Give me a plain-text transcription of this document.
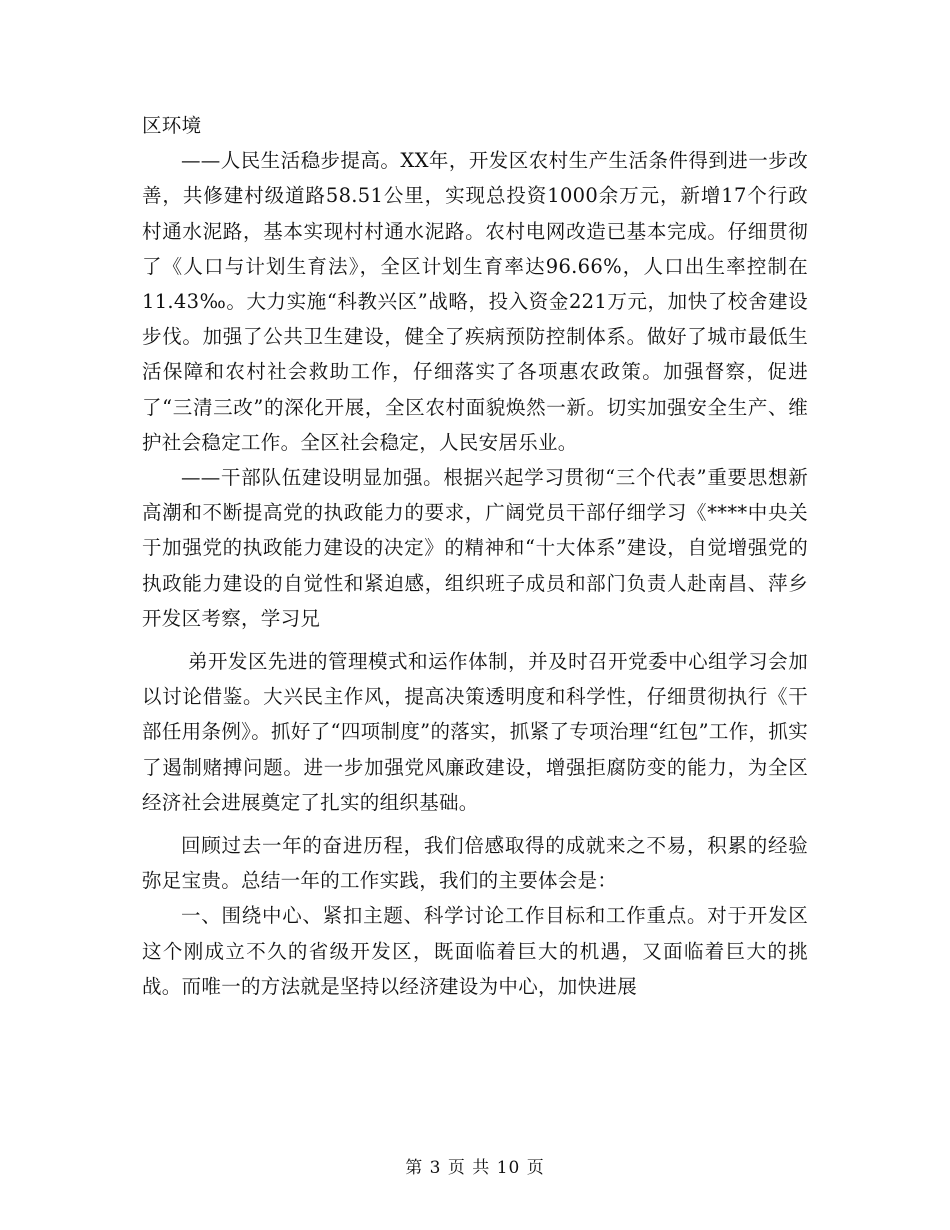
区环境

——人民生活稳步提高。XX年，开发区农村生产生活条件得到进一步改善，共修建村级道路58.51公里，实现总投资1000余万元，新增17个行政村通水泥路，基本实现村村通水泥路。农村电网改造已基本完成。仔细贯彻了《人口与计划生育法》，全区计划生育率达96.66%，人口出生率控制在11.43‰。大力实施“科教兴区”战略，投入资金221万元，加快了校舍建设步伐。加强了公共卫生建设，健全了疾病预防控制体系。做好了城市最低生活保障和农村社会救助工作，仔细落实了各项惠农政策。加强督察，促进了“三清三改”的深化开展，全区农村面貌焕然一新。切实加强安全生产、维护社会稳定工作。全区社会稳定，人民安居乐业。

——干部队伍建设明显加强。根据兴起学习贯彻“三个代表”重要思想新高潮和不断提高党的执政能力的要求，广阔党员干部仔细学习《****中央关于加强党的执政能力建设的决定》的精神和“十大体系”建设，自觉增强党的执政能力建设的自觉性和紧迫感，组织班子成员和部门负责人赴南昌、萍乡开发区考察，学习兄

弟开发区先进的管理模式和运作体制，并及时召开党委中心组学习会加以讨论借鉴。大兴民主作风，提高决策透明度和科学性，仔细贯彻执行《干部任用条例》。抓好了“四项制度”的落实，抓紧了专项治理“红包”工作，抓实了遏制赌搏问题。进一步加强党风廉政建设，增强拒腐防变的能力，为全区经济社会进展奠定了扎实的组织基础。

回顾过去一年的奋进历程，我们倍感取得的成就来之不易，积累的经验弥足宝贵。总结一年的工作实践，我们的主要体会是：

一、围绕中心、紧扣主题、科学讨论工作目标和工作重点。对于开发区这个刚成立不久的省级开发区，既面临着巨大的机遇，又面临着巨大的挑战。而唯一的方法就是坚持以经济建设为中心，加快进展

第 3 页 共 10 页
